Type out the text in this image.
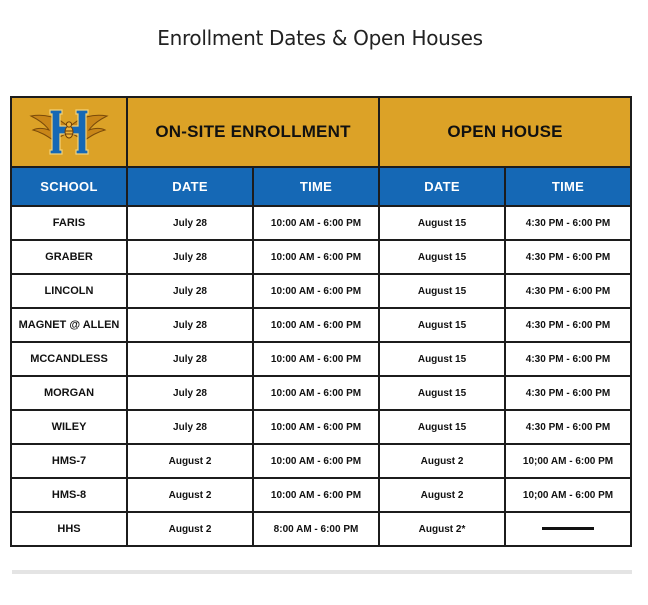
Enrollment Dates & Open Houses
	ON-SITE ENROLLMENT		OPEN HOUSE	
SCHOOL	DATE	TIME	DATE	TIME
FARIS	July 28	10:00 AM - 6:00 PM	August 15	4:30 PM - 6:00 PM
GRABER	July 28	10:00 AM - 6:00 PM	August 15	4:30 PM - 6:00 PM
LINCOLN	July 28	10:00 AM - 6:00 PM	August 15	4:30 PM - 6:00 PM
MAGNET @ ALLEN	July 28	10:00 AM - 6:00 PM	August 15	4:30 PM - 6:00 PM
MCCANDLESS	July 28	10:00 AM - 6:00 PM	August 15	4:30 PM - 6:00 PM
MORGAN	July 28	10:00 AM - 6:00 PM	August 15	4:30 PM - 6:00 PM
WILEY	July 28	10:00 AM - 6:00 PM	August 15	4:30 PM - 6:00 PM
HMS-7	August 2	10:00 AM - 6:00 PM	August 2	10;00 AM - 6:00 PM
HMS-8	August 2	10:00 AM - 6:00 PM	August 2	10;00 AM - 6:00 PM
HHS	August 2	8:00 AM - 6:00 PM	August 2*	
